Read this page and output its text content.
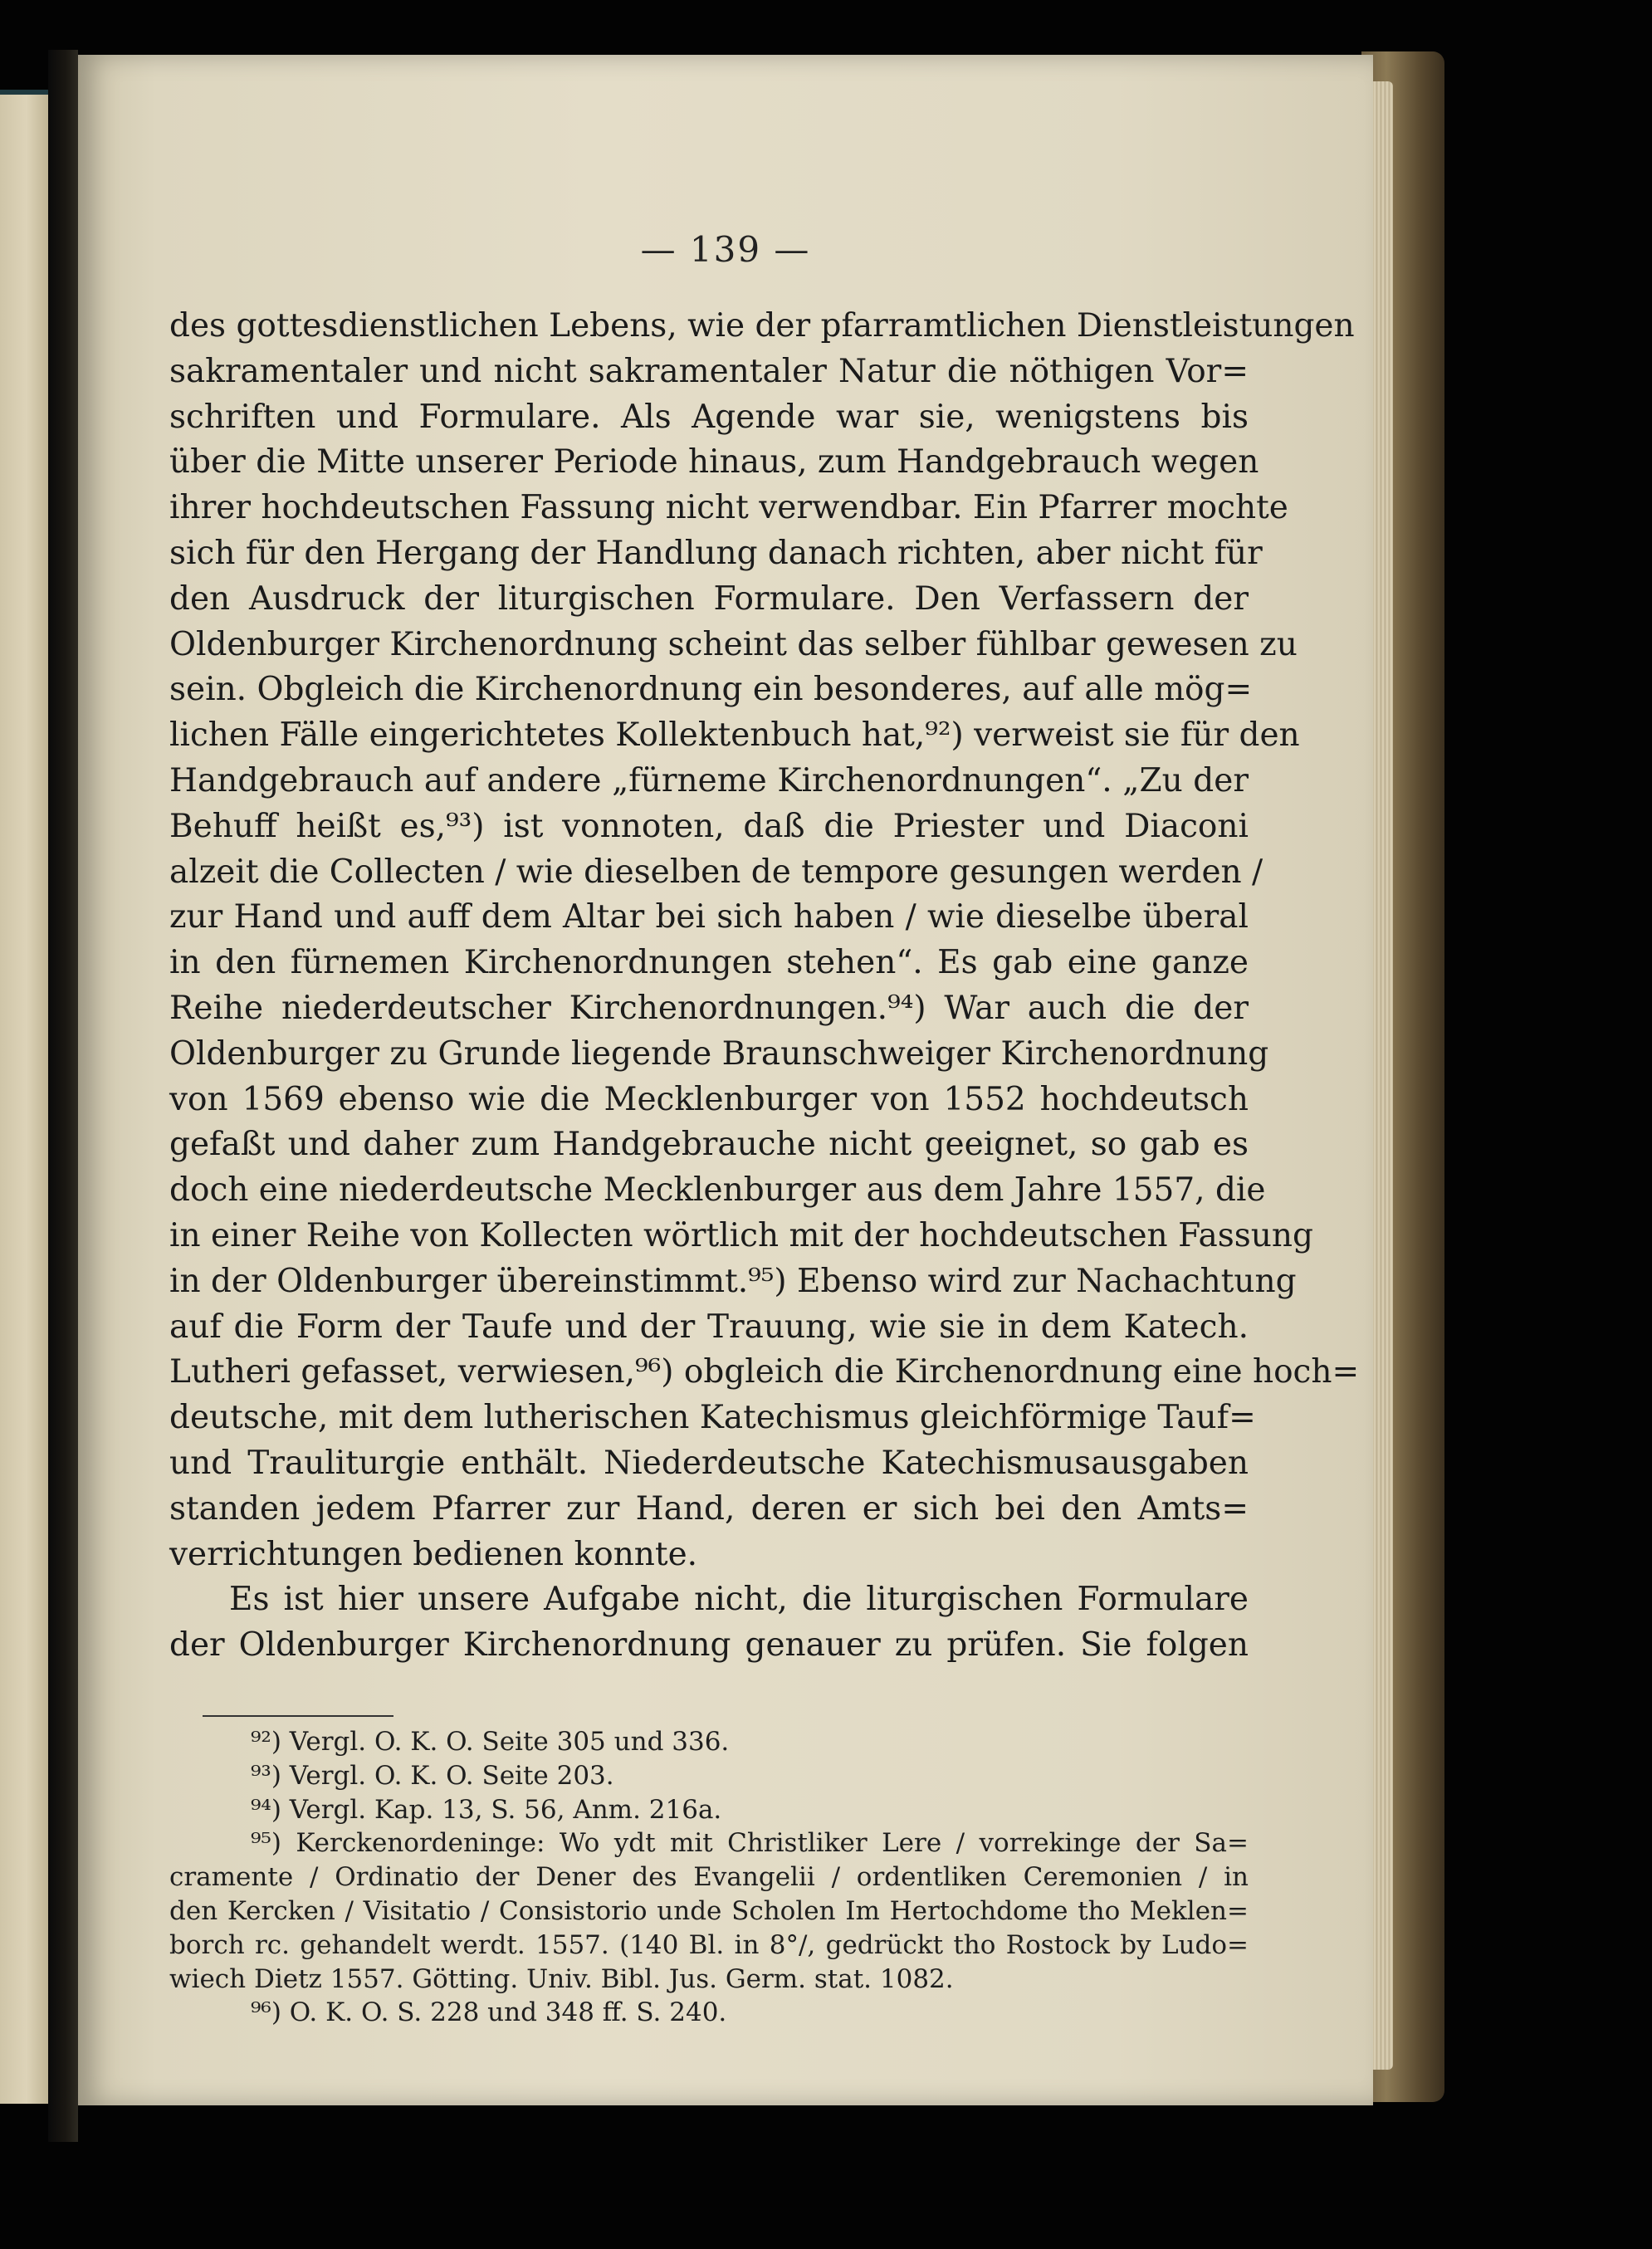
— 139 —
des gottesdienstlichen Lebens, wie der pfarramtlichen Dienstleistungen
sakramentaler und nicht sakramentaler Natur die nöthigen Vor=
schriften und Formulare. Als Agende war sie, wenigstens bis
über die Mitte unserer Periode hinaus, zum Handgebrauch wegen
ihrer hochdeutschen Fassung nicht verwendbar. Ein Pfarrer mochte
sich für den Hergang der Handlung danach richten, aber nicht für
den Ausdruck der liturgischen Formulare. Den Verfassern der
Oldenburger Kirchenordnung scheint das selber fühlbar gewesen zu
sein. Obgleich die Kirchenordnung ein besonderes, auf alle mög=
lichen Fälle eingerichtetes Kollektenbuch hat,⁹²) verweist sie für den
Handgebrauch auf andere „fürneme Kirchenordnungen“. „Zu der
Behuff heißt es,⁹³) ist vonnoten, daß die Priester und Diaconi
alzeit die Collecten / wie dieselben de tempore gesungen werden /
zur Hand und auff dem Altar bei sich haben / wie dieselbe überal
in den fürnemen Kirchenordnungen stehen“. Es gab eine ganze
Reihe niederdeutscher Kirchenordnungen.⁹⁴) War auch die der
Oldenburger zu Grunde liegende Braunschweiger Kirchenordnung
von 1569 ebenso wie die Mecklenburger von 1552 hochdeutsch
gefaßt und daher zum Handgebrauche nicht geeignet, so gab es
doch eine niederdeutsche Mecklenburger aus dem Jahre 1557, die
in einer Reihe von Kollecten wörtlich mit der hochdeutschen Fassung
in der Oldenburger übereinstimmt.⁹⁵) Ebenso wird zur Nachachtung
auf die Form der Taufe und der Trauung, wie sie in dem Katech.
Lutheri gefasset, verwiesen,⁹⁶) obgleich die Kirchenordnung eine hoch=
deutsche, mit dem lutherischen Katechismus gleichförmige Tauf=
und Trauliturgie enthält. Niederdeutsche Katechismusausgaben
standen jedem Pfarrer zur Hand, deren er sich bei den Amts=
verrichtungen bedienen konnte.
Es ist hier unsere Aufgabe nicht, die liturgischen Formulare
der Oldenburger Kirchenordnung genauer zu prüfen. Sie folgen
⁹²) Vergl. O. K. O. Seite 305 und 336.
⁹³) Vergl. O. K. O. Seite 203.
⁹⁴) Vergl. Kap. 13, S. 56, Anm. 216a.
⁹⁵) Kerckenordeninge: Wo ydt mit Christliker Lere / vorrekinge der Sa=
cramente / Ordinatio der Dener des Evangelii / ordentliken Ceremonien / in
den Kercken / Visitatio / Consistorio unde Scholen Im Hertochdome tho Meklen=
borch rc. gehandelt werdt. 1557. (140 Bl. in 8°/, gedrückt tho Rostock by Ludo=
wiech Dietz 1557. Götting. Univ. Bibl. Jus. Germ. stat. 1082.
⁹⁶) O. K. O. S. 228 und 348 ff. S. 240.
